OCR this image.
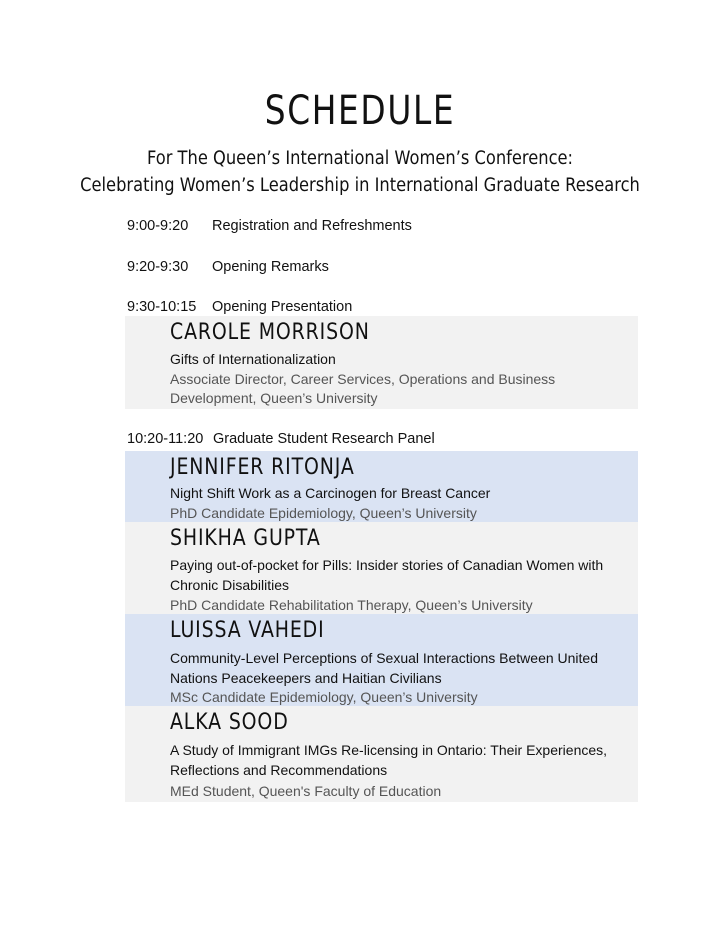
SCHEDULE
For The Queen’s International Women’s Conference:
Celebrating Women’s Leadership in International Graduate Research
9:00-9:20 Registration and Refreshments
9:20-9:30 Opening Remarks
9:30-10:15 Opening Presentation
CAROLE MORRISON
Gifts of Internationalization
Associate Director, Career Services, Operations and Business Development, Queen’s University
10:20-11:20 Graduate Student Research Panel
JENNIFER RITONJA
Night Shift Work as a Carcinogen for Breast Cancer
PhD Candidate Epidemiology, Queen’s University
SHIKHA GUPTA
Paying out-of-pocket for Pills: Insider stories of Canadian Women with Chronic Disabilities
PhD Candidate Rehabilitation Therapy, Queen’s University
LUISSA VAHEDI
Community-Level Perceptions of Sexual Interactions Between United Nations Peacekeepers and Haitian Civilians
MSc Candidate Epidemiology, Queen’s University
ALKA SOOD
A Study of Immigrant IMGs Re-licensing in Ontario: Their Experiences, Reflections and Recommendations
MEd Student, Queen's Faculty of Education
